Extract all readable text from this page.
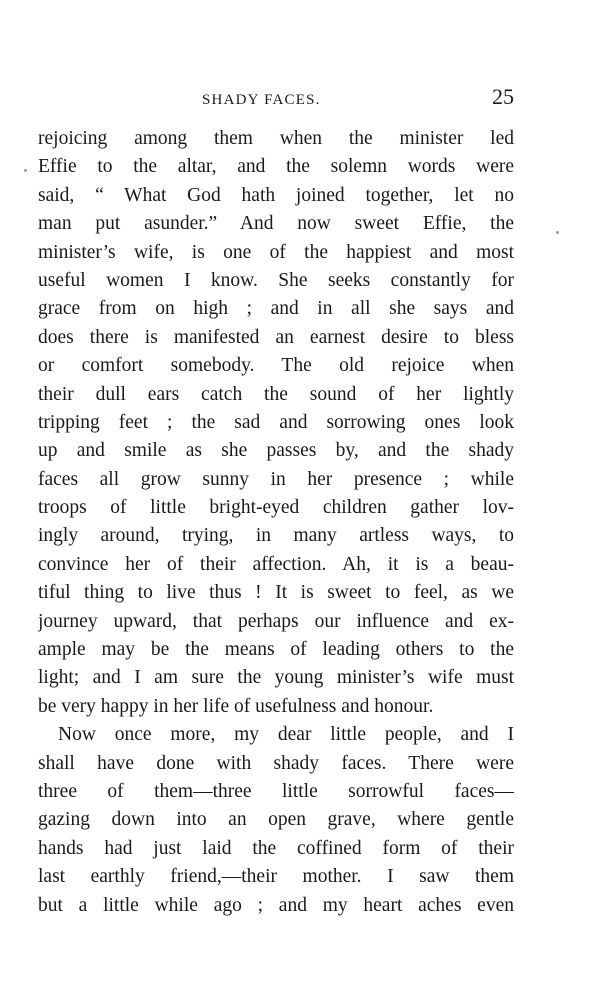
SHADY FACES.	25
rejoicing among them when the minister led
Effie to the altar, and the solemn words were
said, “ What God hath joined together, let no
man put asunder.” And now sweet Effie, the
minister’s wife, is one of the happiest and most
useful women I know. She seeks constantly for
grace from on high ; and in all she says and
does there is manifested an earnest desire to bless
or comfort somebody. The old rejoice when
their dull ears catch the sound of her lightly
tripping feet ; the sad and sorrowing ones look
up and smile as she passes by, and the shady
faces all grow sunny in her presence ; while
troops of little bright-eyed children gather lov-
ingly around, trying, in many artless ways, to
convince her of their affection. Ah, it is a beau-
tiful thing to live thus ! It is sweet to feel, as we
journey upward, that perhaps our influence and ex-
ample may be the means of leading others to the
light; and I am sure the young minister’s wife must
be very happy in her life of usefulness and honour.
Now once more, my dear little people, and I
shall have done with shady faces. There were
three of them—three little sorrowful faces—
gazing down into an open grave, where gentle
hands had just laid the coffined form of their
last earthly friend,—their mother. I saw them
but a little while ago ; and my heart aches even
